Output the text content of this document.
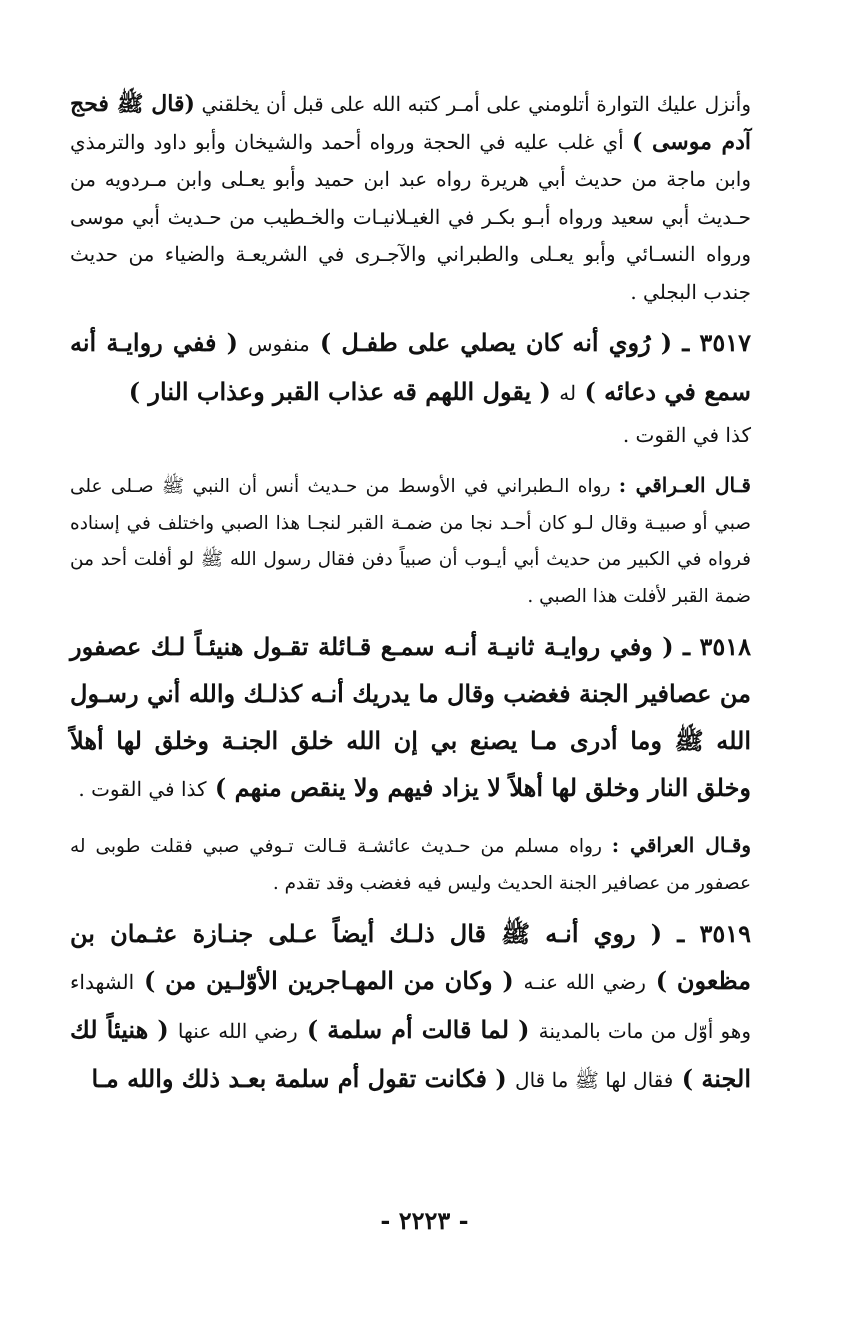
وأنزل عليك التوارة أتلومني على أمـر كتبه الله على قبل أن يخلقني (قال ﷺ فحج آدم موسى ) أي غلب عليه في الحجة ورواه أحمد والشيخان وأبو داود والترمذي وابن ماجة من حديث أبي هريرة رواه عبد ابن حميد وأبو يعـلى وابن مـردويه من حـديث أبي سعيد ورواه أبـو بكـر في الغيـلانيـات والخـطيب من حـديث أبي موسى ورواه النسـائي وأبو يعـلى والطبراني والآجـرى في الشريعـة والضياء من حديث جندب البجلي .
٣٥١٧ ـ ( رُوي أنه كان يصلي على طفـل ) منفوس ( ففي روايـة أنه سمع في دعائه ) له ( يقول اللهم قه عذاب القبر وعذاب النار )
كذا في القوت .
قـال العـراقي : رواه الـطبراني في الأوسط من حـديث أنس أن النبي ﷺ صـلى على صبي أو صبيـة وقال لـو كان أحـد نجا من ضمـة القبر لنجـا هذا الصبي واختلف في إسناده فرواه في الكبير من حديث أبي أيـوب أن صبياً دفن فقال رسول الله ﷺ لو أفلت أحد من ضمة القبر لأفلت هذا الصبي .
٣٥١٨ ـ ( وفي روايـة ثانيـة أنـه سمـع قـائلة تقـول هنيئـاً لـك عصفور من عصافير الجنة فغضب وقال ما يدريك أنـه كذلـك والله أني رسـول الله ﷺ وما أدرى مـا يصنع بي إن الله خلق الجنـة وخلق لها أهلاً وخلق النار وخلق لها أهلاً لا يزاد فيهم ولا ينقص منهم ) كذا في القوت .
وقـال العراقي : رواه مسلم من حـديث عائشـة قـالت تـوفي صبي فقلت طوبى له عصفور من عصافير الجنة الحديث وليس فيه فغضب وقد تقدم .
٣٥١٩ ـ ( روي أنـه ﷺ قال ذلـك أيضاً عـلى جنـازة عثـمان بن مظعون ) رضي الله عنـه ( وكان من المهـاجرين الأوّلـين من ) الشهداء وهو أوّل من مات بالمدينة ( لما قالت أم سلمة ) رضي الله عنها ( هنيئاً لك الجنة ) فقال لها ﷺ ما قال ( فكانت تقول أم سلمة بعـد ذلك والله مـا
- ٢٢٢٣ -
